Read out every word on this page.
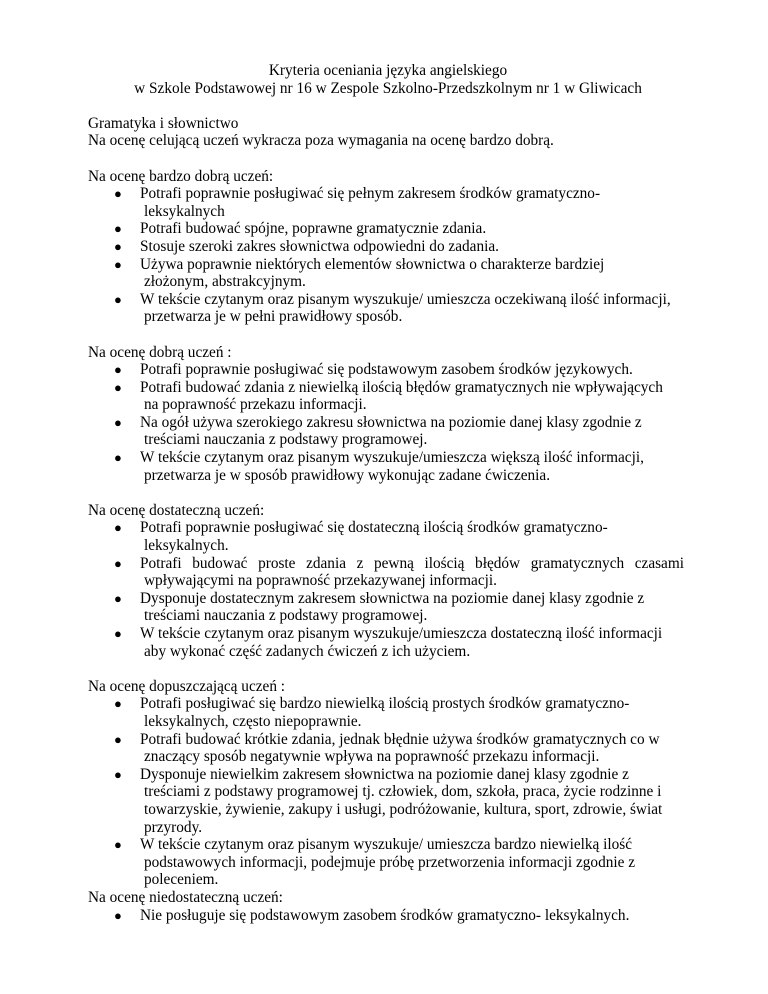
Kryteria oceniania języka angielskiego
w Szkole Podstawowej nr 16 w Zespole Szkolno-Przedszkolnym nr 1 w Gliwicach

Gramatyka i słownictwo

Na ocenę celującą uczeń wykracza poza wymagania na ocenę bardzo dobrą.

Na ocenę bardzo dobrą uczeń:

● Potrafi poprawnie posługiwać się pełnym zakresem środków gramatyczno-
leksykalnych
● Potrafi budować spójne, poprawne gramatycznie zdania.
● Stosuje szeroki zakres słownictwa odpowiedni do zadania.
● Używa poprawnie niektórych elementów słownictwa o charakterze bardziej
złożonym, abstrakcyjnym.
● W tekście czytanym oraz pisanym wyszukuje/ umieszcza oczekiwaną ilość informacji,
przetwarza je w pełni prawidłowy sposób.

Na ocenę dobrą uczeń :

● Potrafi poprawnie posługiwać się podstawowym zasobem środków językowych.
● Potrafi budować zdania z niewielką ilością błędów gramatycznych nie wpływających
na poprawność przekazu informacji.
● Na ogół używa szerokiego zakresu słownictwa na poziomie danej klasy zgodnie z
treściami nauczania z podstawy programowej.
● W tekście czytanym oraz pisanym wyszukuje/umieszcza większą ilość informacji,
przetwarza je w sposób prawidłowy wykonując zadane ćwiczenia.

Na ocenę dostateczną uczeń:

● Potrafi poprawnie posługiwać się dostateczną ilością środków gramatyczno-
leksykalnych.
● Potrafi budować proste zdania z pewną ilością błędów gramatycznych czasami
wpływającymi na poprawność przekazywanej informacji.
● Dysponuje dostatecznym zakresem słownictwa na poziomie danej klasy zgodnie z
treściami nauczania z podstawy programowej.
● W tekście czytanym oraz pisanym wyszukuje/umieszcza dostateczną ilość informacji
aby wykonać część zadanych ćwiczeń z ich użyciem.

Na ocenę dopuszczającą uczeń :

● Potrafi posługiwać się bardzo niewielką ilością prostych środków gramatyczno-
leksykalnych, często niepoprawnie.
● Potrafi budować krótkie zdania, jednak błędnie używa środków gramatycznych co w
znaczący sposób negatywnie wpływa na poprawność przekazu informacji.
● Dysponuje niewielkim zakresem słownictwa na poziomie danej klasy zgodnie z
treściami z podstawy programowej tj. człowiek, dom, szkoła, praca, życie rodzinne i
towarzyskie, żywienie, zakupy i usługi, podróżowanie, kultura, sport, zdrowie, świat
przyrody.
● W tekście czytanym oraz pisanym wyszukuje/ umieszcza bardzo niewielką ilość
podstawowych informacji, podejmuje próbę przetworzenia informacji zgodnie z
poleceniem.

Na ocenę niedostateczną uczeń:

● Nie posługuje się podstawowym zasobem środków gramatyczno- leksykalnych.
